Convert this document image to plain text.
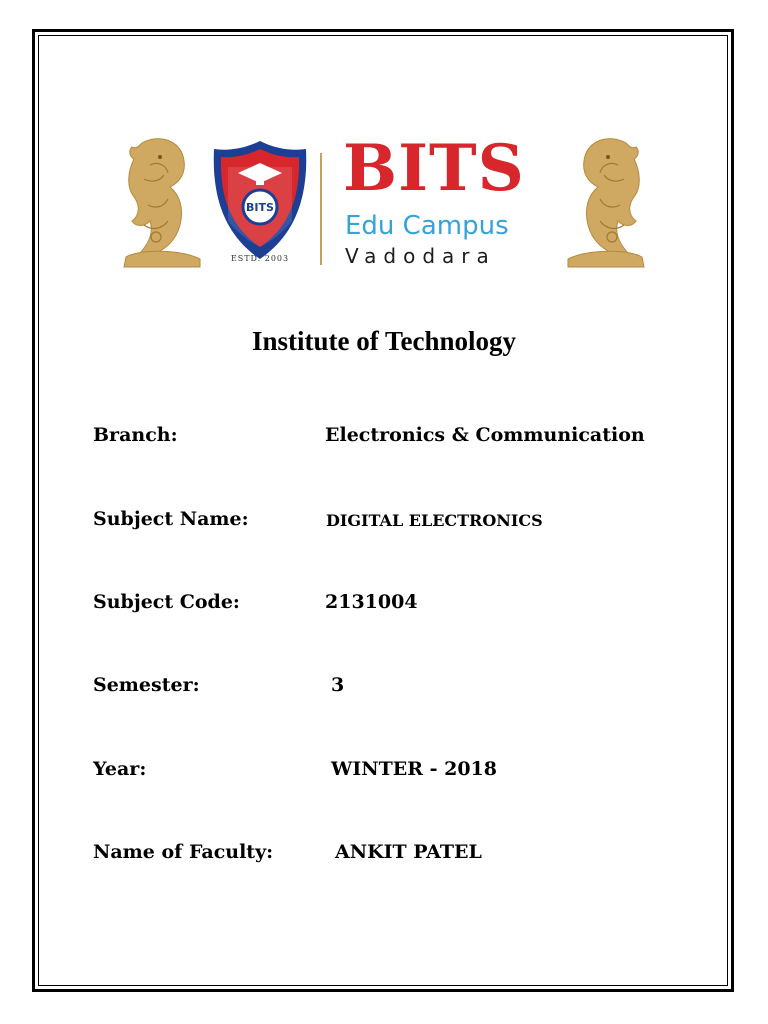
BITS
ESTD. 2003
BITS
Edu Campus
Vadodara
Institute of Technology
Branch:	Electronics & Communication
Subject Name:	DIGITAL ELECTRONICS
Subject Code:	2131004
Semester:	3
Year:	WINTER - 2018
Name of Faculty:	ANKIT PATEL
